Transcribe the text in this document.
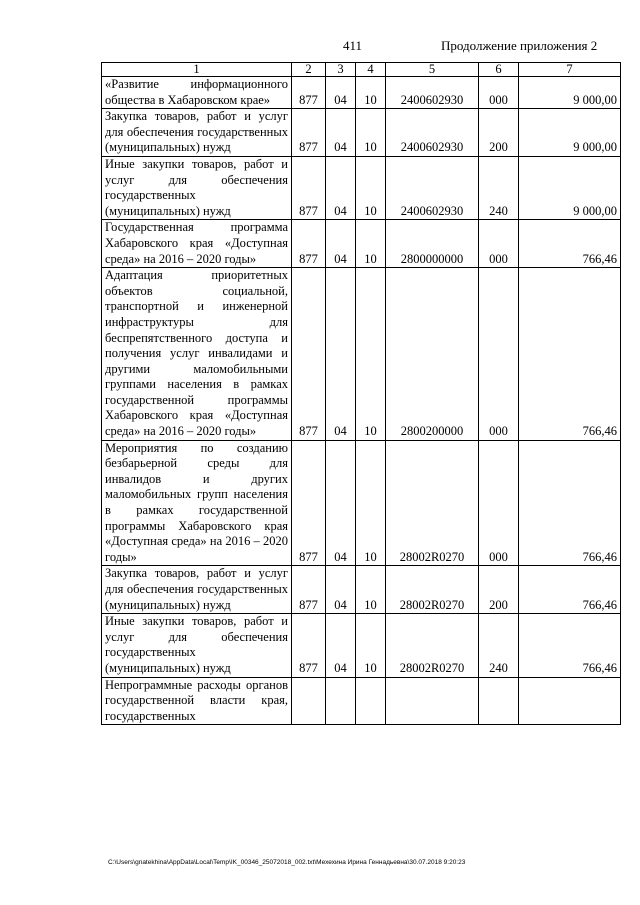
411	Продолжение приложения 2
1	2	3	4	5	6	7
«Развитие информационного общества в Хабаровском крае»	877	04	10	2400602930	000	9 000,00
Закупка товаров, работ и услуг для обеспечения государственных (муниципальных) нужд	877	04	10	2400602930	200	9 000,00
Иные закупки товаров, работ и услуг для обеспечения государственных (муниципальных) нужд	877	04	10	2400602930	240	9 000,00
Государственная программа Хабаровского края «Доступная среда» на 2016 – 2020 годы»	877	04	10	2800000000	000	766,46
Адаптация приоритетных объектов социальной, транспортной и инженерной инфраструктуры для беспрепятственного доступа и получения услуг инвалидами и другими маломобильными группами населения в рамках государственной программы Хабаровского края «Доступная среда» на 2016 – 2020 годы»	877	04	10	2800200000	000	766,46
Мероприятия по созданию безбарьерной среды для инвалидов и других маломобильных групп населения в рамках государственной программы Хабаровского края «Доступная среда» на 2016 – 2020 годы»	877	04	10	28002R0270	000	766,46
Закупка товаров, работ и услуг для обеспечения государственных (муниципальных) нужд	877	04	10	28002R0270	200	766,46
Иные закупки товаров, работ и услуг для обеспечения государственных (муниципальных) нужд	877	04	10	28002R0270	240	766,46
Непрограммные расходы органов государственной власти края, государственных						
C:\Users\gnatekhina\AppData\Local\Temp\IK_00346_25072018_002.txt\Мехехина Ирина Геннадьевна\30.07.2018 9:20:23
